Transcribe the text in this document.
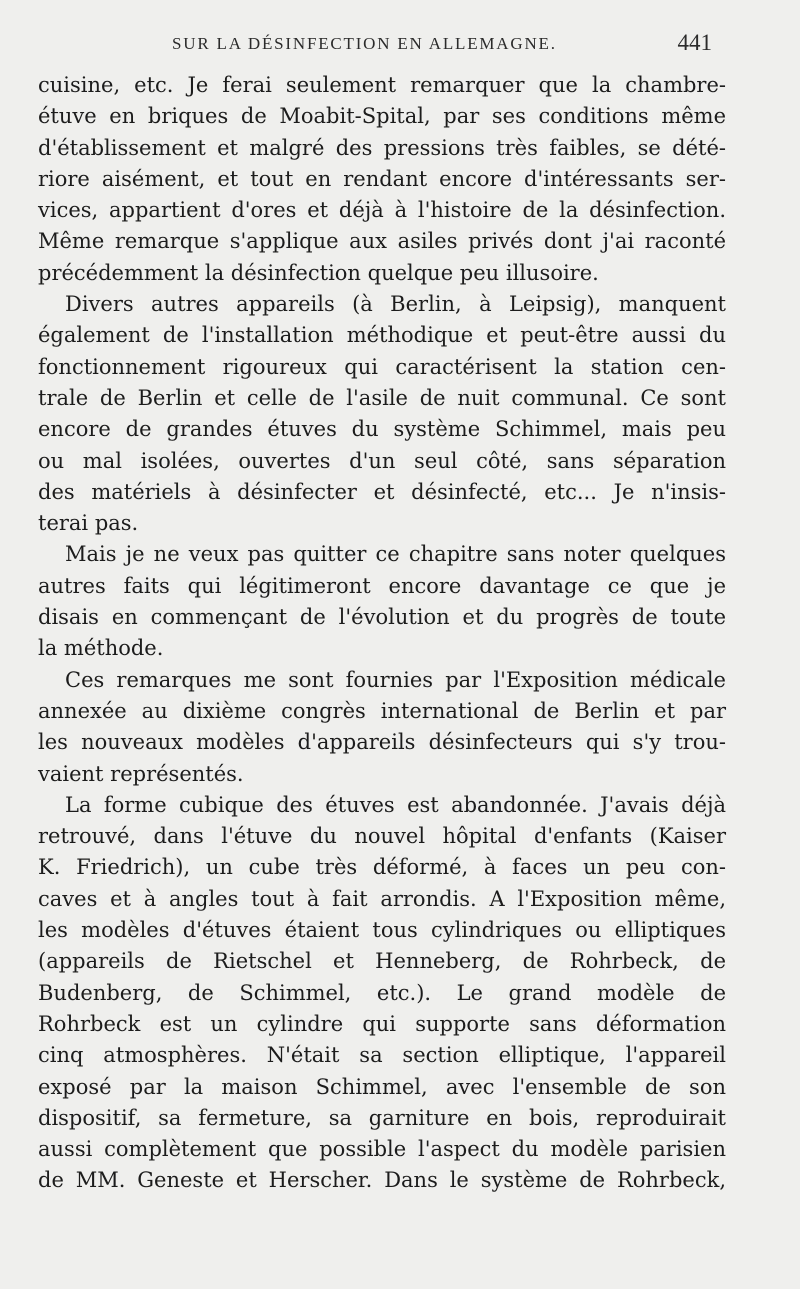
SUR LA DÉSINFECTION EN ALLEMAGNE.	441
cuisine, etc. Je ferai seulement remarquer que la chambre-
étuve en briques de Moabit-Spital, par ses conditions même
d'établissement et malgré des pressions très faibles, se dété-
riore aisément, et tout en rendant encore d'intéressants ser-
vices, appartient d'ores et déjà à l'histoire de la désinfection.
Même remarque s'applique aux asiles privés dont j'ai raconté
précédemment la désinfection quelque peu illusoire.
Divers autres appareils (à Berlin, à Leipsig), manquent
également de l'installation méthodique et peut-être aussi du
fonctionnement rigoureux qui caractérisent la station cen-
trale de Berlin et celle de l'asile de nuit communal. Ce sont
encore de grandes étuves du système Schimmel, mais peu
ou mal isolées, ouvertes d'un seul côté, sans séparation
des matériels à désinfecter et désinfecté, etc... Je n'insis-
terai pas.
Mais je ne veux pas quitter ce chapitre sans noter quelques
autres faits qui légitimeront encore davantage ce que je
disais en commençant de l'évolution et du progrès de toute
la méthode.
Ces remarques me sont fournies par l'Exposition médicale
annexée au dixième congrès international de Berlin et par
les nouveaux modèles d'appareils désinfecteurs qui s'y trou-
vaient représentés.
La forme cubique des étuves est abandonnée. J'avais déjà
retrouvé, dans l'étuve du nouvel hôpital d'enfants (Kaiser
K. Friedrich), un cube très déformé, à faces un peu con-
caves et à angles tout à fait arrondis. A l'Exposition même,
les modèles d'étuves étaient tous cylindriques ou elliptiques
(appareils de Rietschel et Henneberg, de Rohrbeck, de
Budenberg, de Schimmel, etc.). Le grand modèle de
Rohrbeck est un cylindre qui supporte sans déformation
cinq atmosphères. N'était sa section elliptique, l'appareil
exposé par la maison Schimmel, avec l'ensemble de son
dispositif, sa fermeture, sa garniture en bois, reproduirait
aussi complètement que possible l'aspect du modèle parisien
de MM. Geneste et Herscher. Dans le système de Rohrbeck,
